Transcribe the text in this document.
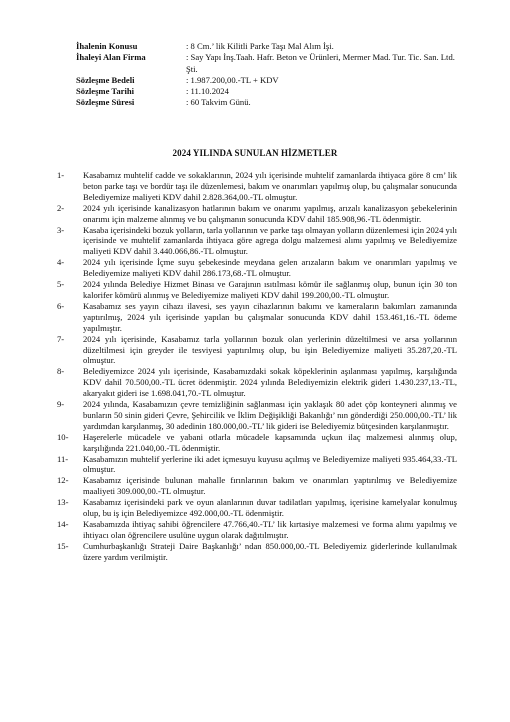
İhalenin Konusu	: 8 Cm.’ lik Kilitli Parke Taşı Mal Alım İşi.
İhaleyi Alan Firma	: Say Yapı İnş.Taah. Hafr. Beton ve Ürünleri, Mermer Mad. Tur. Tic. San. Ltd. Şti.
Sözleşme Bedeli	: 1.987.200,00.-TL + KDV
Sözleşme Tarihi	: 11.10.2024
Sözleşme Süresi	: 60 Takvim Günü.
2024 YILINDA SUNULAN HİZMETLER
1-	Kasabamız muhtelif cadde ve sokaklarının, 2024 yılı içerisinde muhtelif zamanlarda ihtiyaca göre 8 cm’ lik beton parke taşı ve bordür taşı ile düzenlemesi, bakım ve onarımları yapılmış olup, bu çalışmalar sonucunda Belediyemize maliyeti KDV dahil 2.828.364,00.-TL olmuştur.
2-	2024 yılı içerisinde kanalizasyon hatlarının bakım ve onarımı yapılmış, arızalı kanalizasyon şebekelerinin onarımı için malzeme alınmış ve bu çalışmanın sonucunda KDV dahil 185.908,96.-TL ödenmiştir.
3-	Kasaba içerisindeki bozuk yolların, tarla yollarının ve parke taşı olmayan yolların düzenlemesi için 2024 yılı içerisinde ve muhtelif zamanlarda ihtiyaca göre agrega dolgu malzemesi alımı yapılmış ve Belediyemize maliyeti KDV dahil 3.440.066,86.-TL olmuştur.
4-	2024 yılı içerisinde İçme suyu şebekesinde meydana gelen arızaların bakım ve onarımları yapılmış ve Belediyemize maliyeti KDV dahil 286.173,68.-TL olmuştur.
5-	2024 yılında Belediye Hizmet Binası ve Garajının ısıtılması kömür ile sağlanmış olup, bunun için 30 ton kalorifer kömürü alınmış ve Belediyemize maliyeti KDV dahil 199.200,00.-TL olmuştur.
6-	Kasabamız ses yayın cihazı ilavesi, ses yayın cihazlarının bakımı ve kameraların bakımları zamanında yaptırılmış, 2024 yılı içerisinde yapılan bu çalışmalar sonucunda KDV dahil 153.461,16.-TL ödeme yapılmıştır.
7-	2024 yılı içerisinde, Kasabamız tarla yollarının bozuk olan yerlerinin düzeltilmesi ve arsa yollarının düzeltilmesi için greyder ile tesviyesi yaptırılmış olup, bu işin Belediyemize maliyeti 35.287,20.-TL olmuştur.
8-	Belediyemizce 2024 yılı içerisinde, Kasabamızdaki sokak köpeklerinin aşılanması yapılmış, karşılığında KDV dahil 70.500,00.-TL ücret ödenmiştir. 2024 yılında Belediyemizin elektrik gideri 1.430.237,13.-TL, akaryakıt gideri ise 1.698.041,70.-TL olmuştur.
9-	2024 yılında, Kasabamızın çevre temizliğinin sağlanması için yaklaşık 80 adet çöp konteyneri alınmış ve bunların 50 sinin gideri Çevre, Şehircilik ve İklim Değişikliği Bakanlığı’ nın gönderdiği 250.000,00.-TL’ lik yardımdan karşılanmış, 30 adedinin 180.000,00.-TL’ lik gideri ise Belediyemiz bütçesinden karşılanmıştır.
10-	Haşerelerle mücadele ve yabani otlarla mücadele kapsamında uçkun ilaç malzemesi alınmış olup, karşılığında 221.040,00.-TL ödenmiştir.
11-	Kasabamızın muhtelif yerlerine iki adet içmesuyu kuyusu açılmış ve Belediyemize maliyeti 935.464,33.-TL olmuştur.
12-	Kasabamız içerisinde bulunan mahalle fırınlarının bakım ve onarımları yaptırılmış ve Belediyemize maaliyeti 309.000,00.-TL olmuştur.
13-	Kasabamız içerisindeki park ve oyun alanlarının duvar tadilatları yapılmış, içerisine kamelyalar konulmuş olup, bu iş için Belediyemizce 492.000,00.-TL ödenmiştir.
14-	Kasabamızda ihtiyaç sahibi öğrencilere 47.766,40.-TL’ lik kırtasiye malzemesi ve forma alımı yapılmış ve ihtiyacı olan öğrencilere usulüne uygun olarak dağıtılmıştır.
15-	Cumhurbaşkanlığı Strateji Daire Başkanlığı’ ndan 850.000,00.-TL Belediyemiz giderlerinde kullanılmak üzere yardım verilmiştir.
